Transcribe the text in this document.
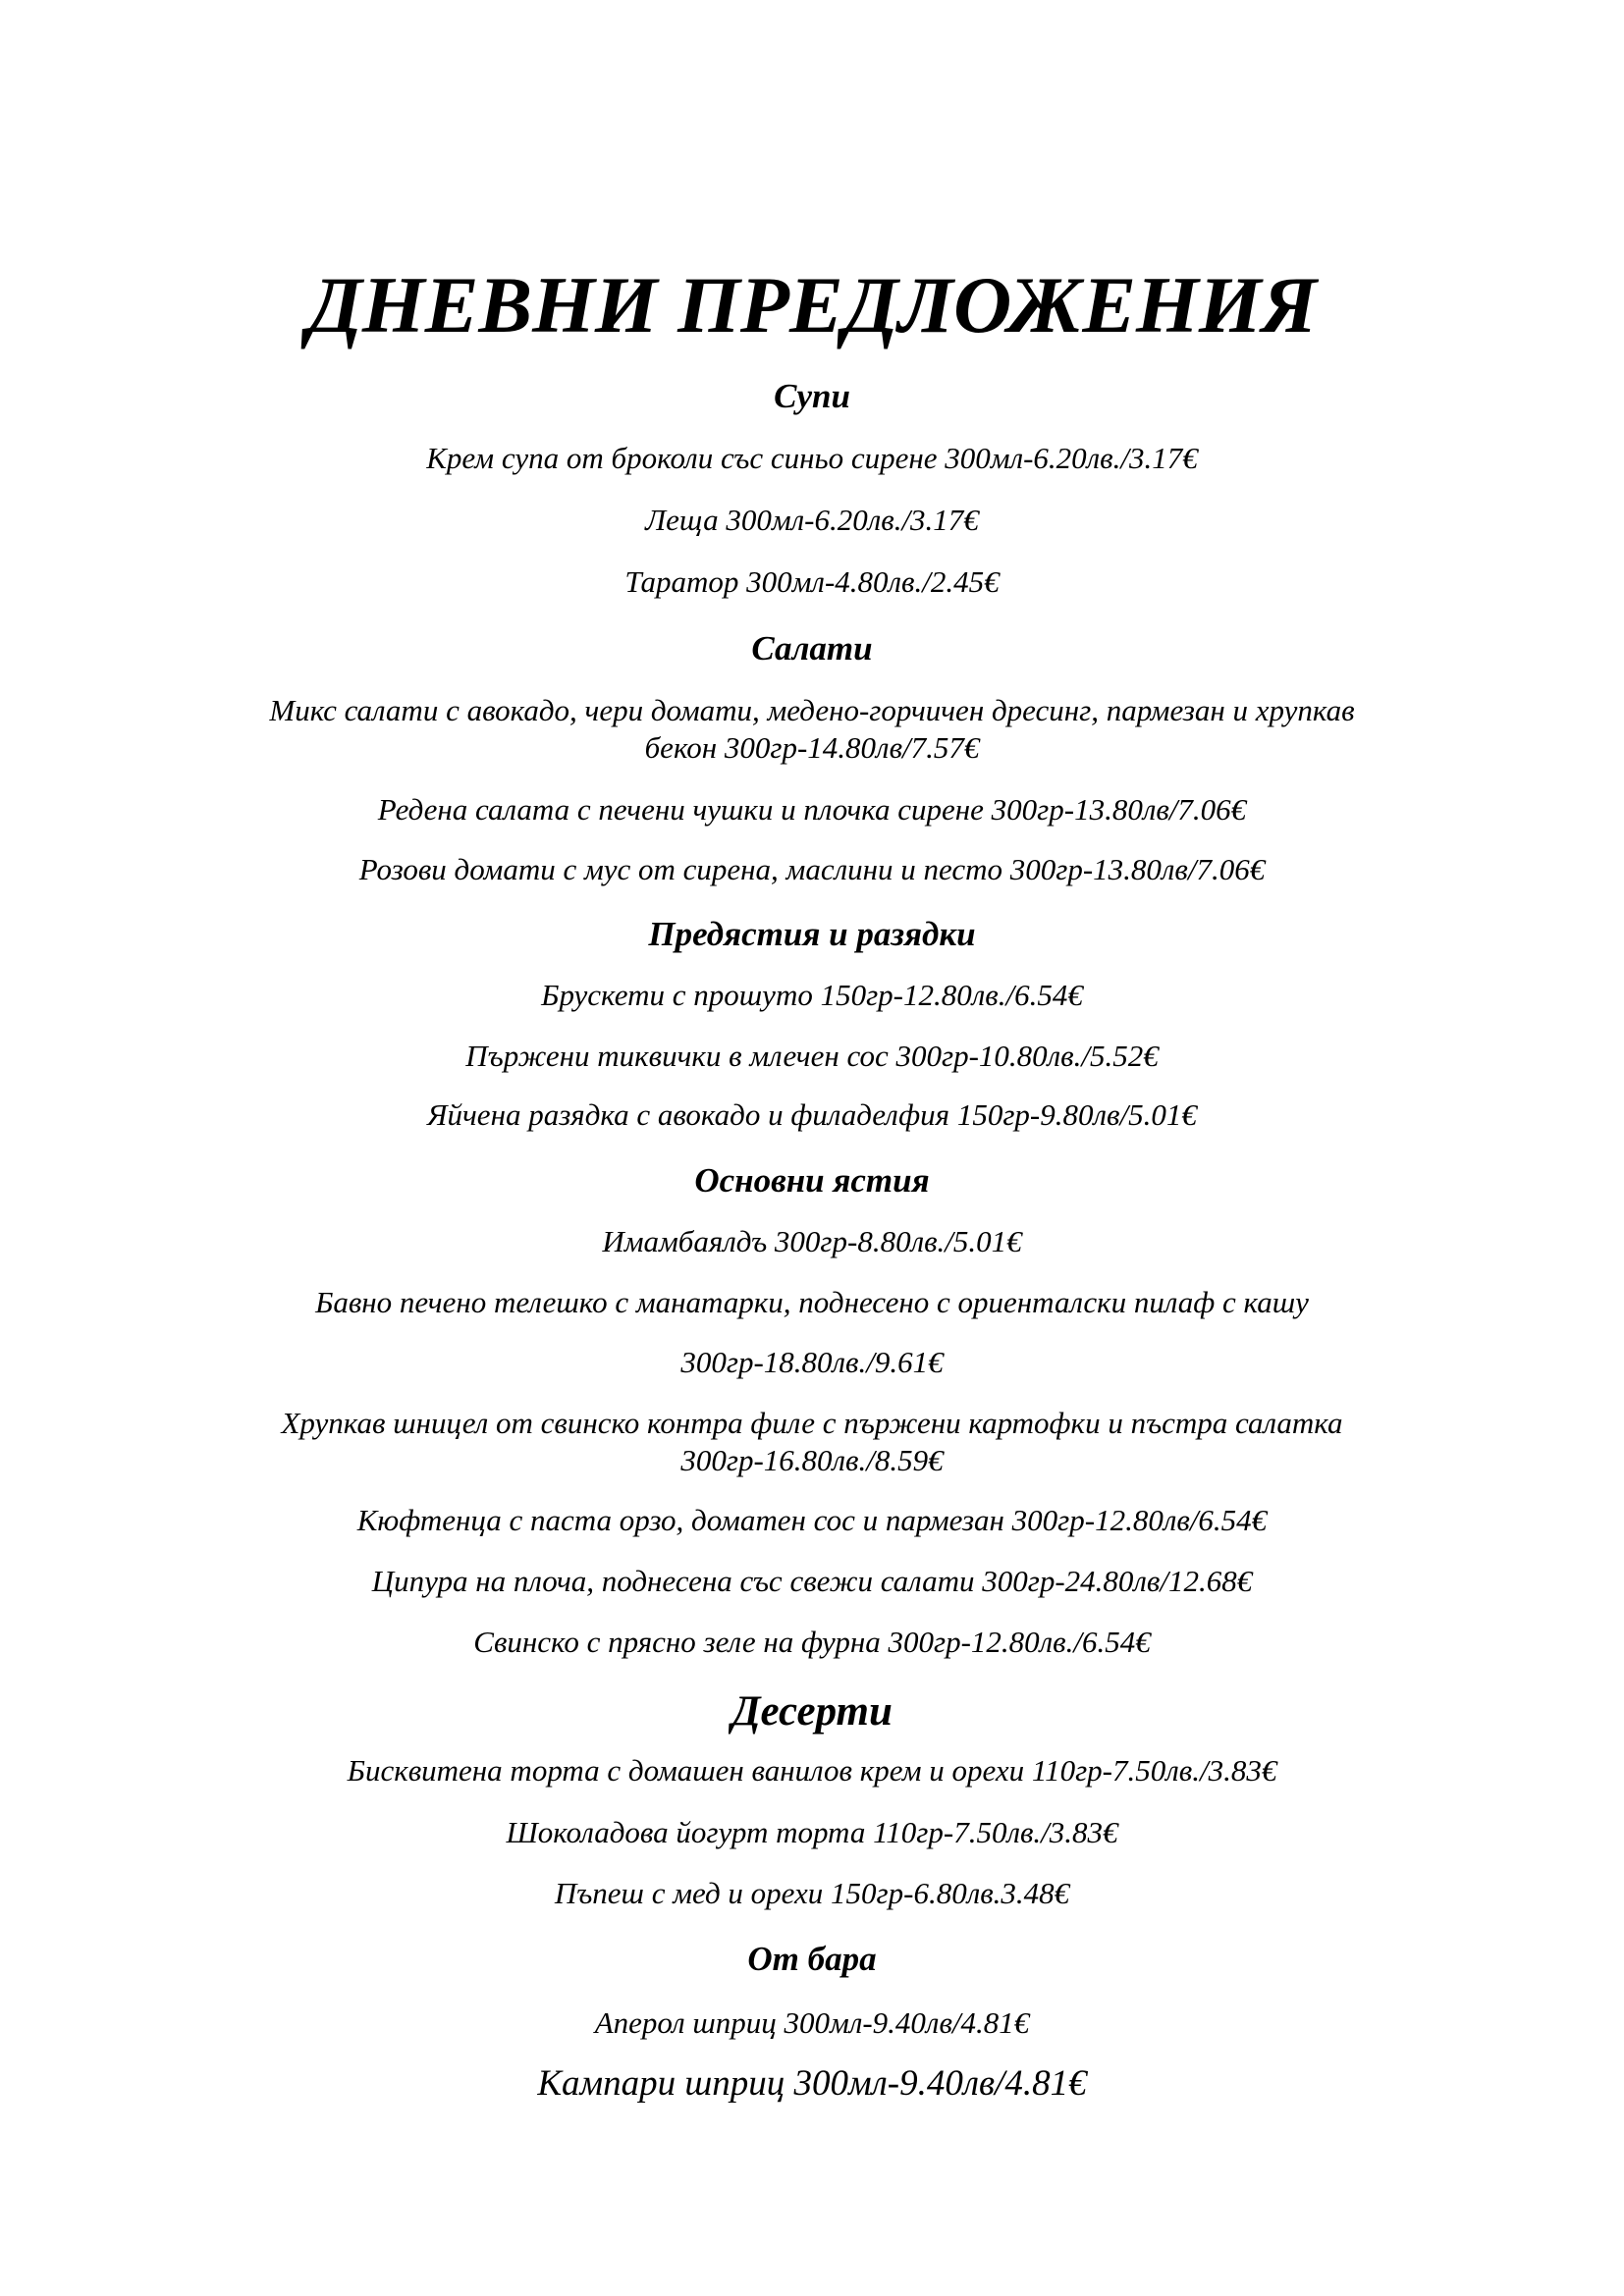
ДНЕВНИ ПРЕДЛОЖЕНИЯ
Супи
Крем супа от броколи със синьо сирене 300мл-6.20лв./3.17€
Леща 300мл-6.20лв./3.17€
Таратор 300мл-4.80лв./2.45€
Салати
Микс салати с авокадо, чери домати, медено-горчичен дресинг, пармезан и хрупкав
бекон 300гр-14.80лв/7.57€
Редена салата с печени чушки и плочка сирене 300гр-13.80лв/7.06€
Розови домати с мус от сирена, маслини и песто 300гр-13.80лв/7.06€
Предястия и разядки
Брускети с прошуто 150гр-12.80лв./6.54€
Пържени тиквички в млечен сос 300гр-10.80лв./5.52€
Яйчена разядка с авокадо и филаделфия 150гр-9.80лв/5.01€
Основни ястия
Имамбаялдъ 300гр-8.80лв./5.01€
Бавно печено телешко с манатарки, поднесено с ориенталски пилаф с кашу
300гр-18.80лв./9.61€
Хрупкав шницел от свинско контра филе с пържени картофки и пъстра салатка
300гр-16.80лв./8.59€
Кюфтенца с паста орзо, доматен сос и пармезан 300гр-12.80лв/6.54€
Ципура на плоча, поднесена със свежи салати 300гр-24.80лв/12.68€
Свинско с прясно зеле на фурна 300гр-12.80лв./6.54€
Десерти
Бисквитена торта с домашен ванилов крем и орехи 110гр-7.50лв./3.83€
Шоколадова йогурт торта 110гр-7.50лв./3.83€
Пъпеш с мед и орехи 150гр-6.80лв.3.48€
От бара
Аперол шприц 300мл-9.40лв/4.81€
Кампари шприц 300мл-9.40лв/4.81€
